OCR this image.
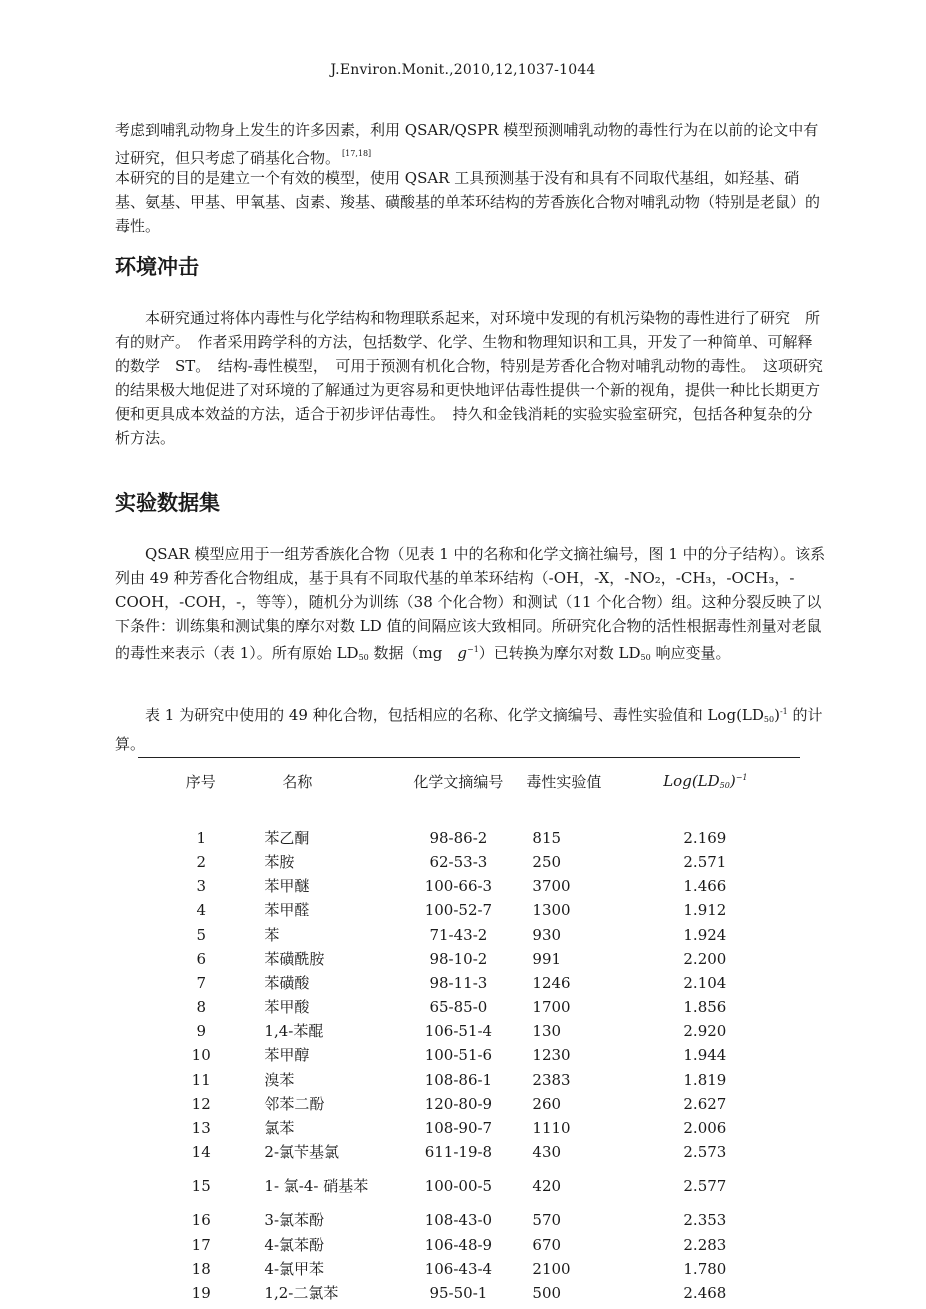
J.Environ.Monit.,2010,12,1037-1044
考虑到哺乳动物身上发生的许多因素，利用 QSAR/QSPR 模型预测哺乳动物的毒性行为在以前的论文中有过研究，但只考虑了硝基化合物。 [17,18]
本研究的目的是建立一个有效的模型，使用 QSAR 工具预测基于没有和具有不同取代基组，如羟基、硝基、氨基、甲基、甲氧基、卤素、羧基、磺酸基的单苯环结构的芳香族化合物对哺乳动物（特别是老鼠）的毒性。
环境冲击
本研究通过将体内毒性与化学结构和物理联系起来，对环境中发现的有机污染物的毒性进行了研究　所有的财产。　作者采用跨学科的方法，包括数学、化学、生物和物理知识和工具，开发了一种简单、可解释的数学　ST。　结构-毒性模型，　可用于预测有机化合物，特别是芳香化合物对哺乳动物的毒性。　这项研究的结果极大地促进了对环境的了解通过为更容易和更快地评估毒性提供一个新的视角，提供一种比长期更方便和更具成本效益的方法，适合于初步评估毒性。　持久和金钱消耗的实验实验室研究，包括各种复杂的分析方法。
实验数据集
QSAR 模型应用于一组芳香族化合物（见表 1 中的名称和化学文摘社编号，图 1 中的分子结构）。该系列由 49 种芳香化合物组成，基于具有不同取代基的单苯环结构（-OH，-X，-NO₂，-CH₃，-OCH₃，-COOH，-COH，-，等等），随机分为训练（38 个化合物）和测试（11 个化合物）组。这种分裂反映了以下条件：训练集和测试集的摩尔对数 LD 值的间隔应该大致相同。所研究化合物的活性根据毒性剂量对老鼠的毒性来表示（表 1）。所有原始 $LD_{50}$ 数据（mg　$g^{-1}$）已转换为摩尔对数 $LD_{50}$ 响应变量。
表 1 为研究中使用的 49 种化合物，包括相应的名称、化学文摘编号、毒性实验值和 $Log(LD_{50})^{-1}$ 的计算。
序号	名称	化学文摘编号	毒性实验值	$Log(LD_{50})^{-1}$

1	苯乙酮	98-86-2	815	2.169
2	苯胺	62-53-3	250	2.571
3	苯甲醚	100-66-3	3700	1.466
4	苯甲醛	100-52-7	1300	1.912
5	苯	71-43-2	930	1.924
6	苯磺酰胺	98-10-2	991	2.200
7	苯磺酸	98-11-3	1246	2.104
8	苯甲酸	65-85-0	1700	1.856
9	1,4-苯醌	106-51-4	130	2.920
10	苯甲醇	100-51-6	1230	1.944
11	溴苯	108-86-1	2383	1.819
12	邻苯二酚	120-80-9	260	2.627
13	氯苯	108-90-7	1110	2.006
14	2-氯苄基氯	611-19-8	430	2.573
15	1- 氯-4- 硝基苯	100-00-5	420	2.577
16	3-氯苯酚	108-43-0	570	2.353
17	4-氯苯酚	106-48-9	670	2.283
18	4-氯甲苯	106-43-4	2100	1.780
19	1,2-二氯苯	95-50-1	500	2.468
